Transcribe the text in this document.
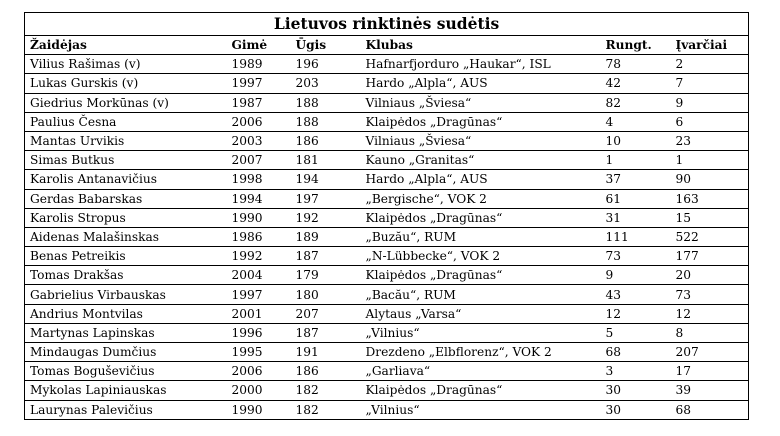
Lietuvos rinktinės sudėtis					

Žaidėjas	Gimė	Ūgis	Klubas	Rungt.	Įvarčiai

Vilius Rašimas (v)	1989	196	Hafnarfjorduro „Haukar“, ISL	78	2

Lukas Gurskis (v)	1997	203	Hardo „Alpla“, AUS	42	7

Giedrius Morkūnas (v)	1987	188	Vilniaus „Šviesa“	82	9

Paulius Česna	2006	188	Klaipėdos „Dragūnas“	4	6

Mantas Urvikis	2003	186	Vilniaus „Šviesa“	10	23

Simas Butkus	2007	181	Kauno „Granitas“	1	1

Karolis Antanavičius	1998	194	Hardo „Alpla“, AUS	37	90

Gerdas Babarskas	1994	197	„Bergische“, VOK 2	61	163

Karolis Stropus	1990	192	Klaipėdos „Dragūnas“	31	15

Aidenas Malašinskas	1986	189	„Buzău“, RUM	111	522

Benas Petreikis	1992	187	„N-Lübbecke“, VOK 2	73	177

Tomas Drakšas	2004	179	Klaipėdos „Dragūnas“	9	20

Gabrielius Virbauskas	1997	180	„Bacău“, RUM	43	73

Andrius Montvilas	2001	207	Alytaus „Varsa“	12	12

Martynas Lapinskas	1996	187	„Vilnius“	5	8

Mindaugas Dumčius	1995	191	Drezdeno „Elbflorenz“, VOK 2	68	207

Tomas Boguševičius	2006	186	„Garliava“	3	17

Mykolas Lapiniauskas	2000	182	Klaipėdos „Dragūnas“	30	39

Laurynas Palevičius	1990	182	„Vilnius“	30	68
